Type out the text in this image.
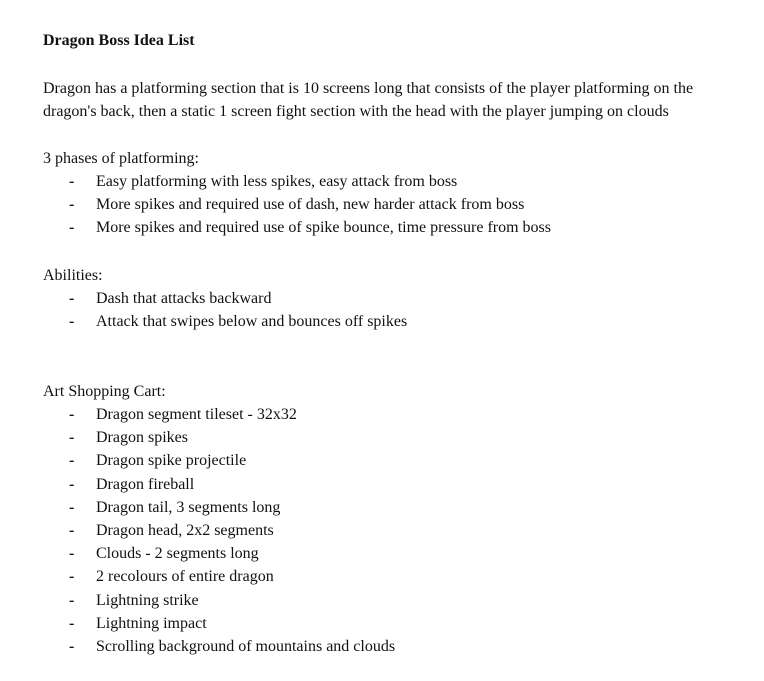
Dragon Boss Idea List

Dragon has a platforming section that is 10 screens long that consists of the player platforming on the dragon's back, then a static 1 screen fight section with the head with the player jumping on clouds

3 phases of platforming:

- Easy platforming with less spikes, easy attack from boss
- More spikes and required use of dash, new harder attack from boss
- More spikes and required use of spike bounce, time pressure from boss

Abilities:

- Dash that attacks backward
- Attack that swipes below and bounces off spikes

Art Shopping Cart:

- Dragon segment tileset - 32x32
- Dragon spikes
- Dragon spike projectile
- Dragon fireball
- Dragon tail, 3 segments long
- Dragon head, 2x2 segments
- Clouds - 2 segments long
- 2 recolours of entire dragon
- Lightning strike
- Lightning impact
- Scrolling background of mountains and clouds
